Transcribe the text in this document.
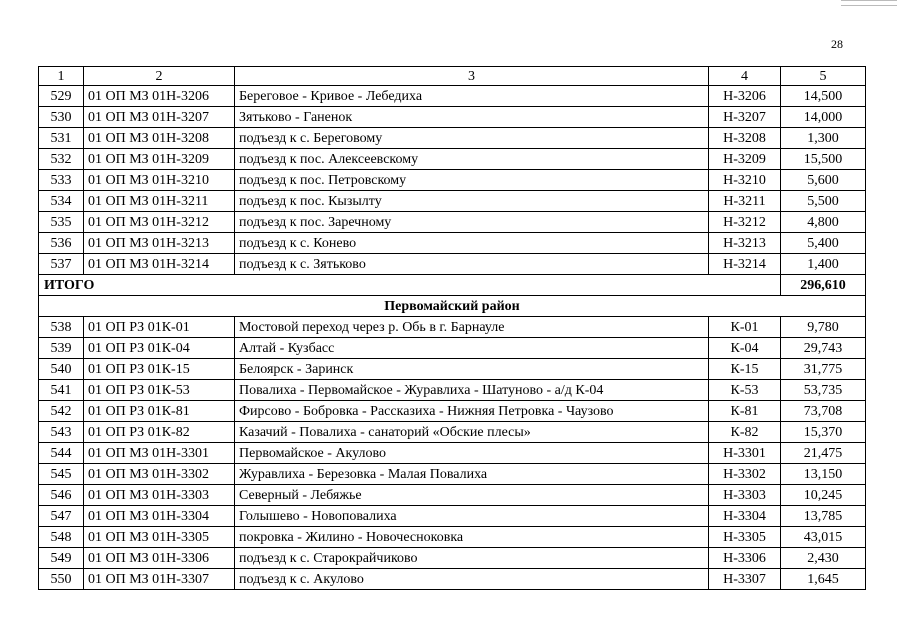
28
1	2	3	4	5
529	01 ОП МЗ 01Н-3206	Береговое - Кривое - Лебедиха	Н-3206	14,500
530	01 ОП МЗ 01Н-3207	Зятьково - Ганенок	Н-3207	14,000
531	01 ОП МЗ 01Н-3208	подъезд к с. Береговому	Н-3208	1,300
532	01 ОП МЗ 01Н-3209	подъезд к пос. Алексеевскому	Н-3209	15,500
533	01 ОП МЗ 01Н-3210	подъезд к пос. Петровскому	Н-3210	5,600
534	01 ОП МЗ 01Н-3211	подъезд к пос. Кызылту	Н-3211	5,500
535	01 ОП МЗ 01Н-3212	подъезд к пос. Заречному	Н-3212	4,800
536	01 ОП МЗ 01Н-3213	подъезд к с. Конево	Н-3213	5,400
537	01 ОП МЗ 01Н-3214	подъезд к с. Зятьково	Н-3214	1,400
ИТОГО				296,610
Первомайский район				
538	01 ОП РЗ 01К-01	Мостовой переход через р. Обь в г. Барнауле	К-01	9,780
539	01 ОП РЗ 01К-04	Алтай - Кузбасс	К-04	29,743
540	01 ОП РЗ 01К-15	Белоярск - Заринск	К-15	31,775
541	01 ОП РЗ 01К-53	Повалиха - Первомайское - Журавлиха - Шатуново - а/д К-04	К-53	53,735
542	01 ОП РЗ 01К-81	Фирсово - Бобровка - Рассказиха - Нижняя Петровка - Чаузово	К-81	73,708
543	01 ОП РЗ 01К-82	Казачий - Повалиха - санаторий «Обские плесы»	К-82	15,370
544	01 ОП МЗ 01Н-3301	Первомайское - Акулово	Н-3301	21,475
545	01 ОП МЗ 01Н-3302	Журавлиха - Березовка - Малая Повалиха	Н-3302	13,150
546	01 ОП МЗ 01Н-3303	Северный - Лебяжье	Н-3303	10,245
547	01 ОП МЗ 01Н-3304	Голышево - Новоповалиха	Н-3304	13,785
548	01 ОП МЗ 01Н-3305	покровка - Жилино - Новочесноковка	Н-3305	43,015
549	01 ОП МЗ 01Н-3306	подъезд к с. Старокрайчиково	Н-3306	2,430
550	01 ОП МЗ 01Н-3307	подъезд к с. Акулово	Н-3307	1,645
